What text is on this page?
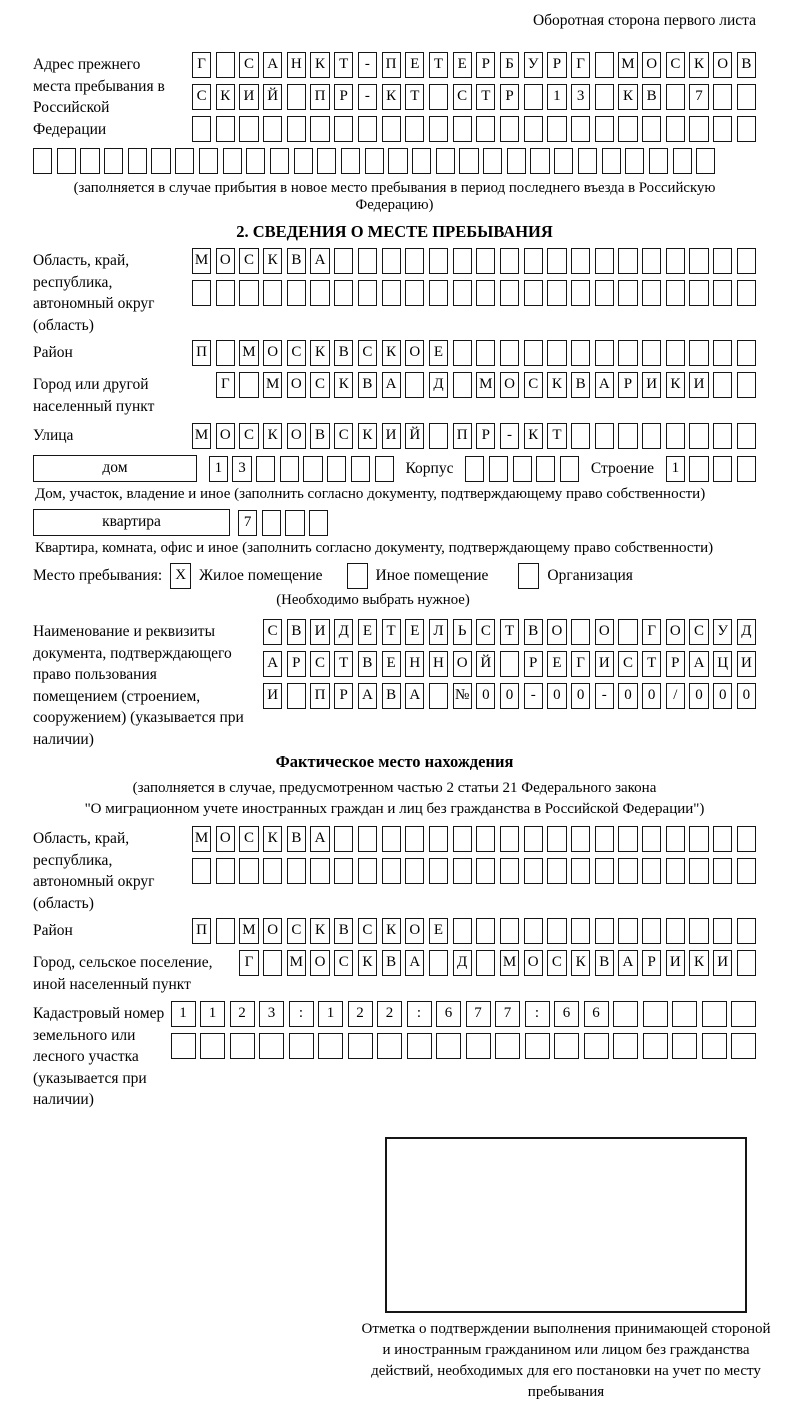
Оборотная сторона первого листа
Адрес прежнего места пребывания в Российской Федерации
Г	С А Н К Т	-	П Е Т Е Р	Б У Р	Г	М О С К О В
С К И Й П Р	-	К Т	С Т Р	1	3	К В	7
(заполняется в случае прибытия в новое место пребывания в период последнего въезда в Российскую Федерацию)
2. СВЕДЕНИЯ О МЕСТЕ ПРЕБЫВАНИЯ
Область, край, республика, автономный округ (область)
М О С К В А
Район	П М О С К В С К О Е
Город или другой населенный пункт
Г	М О С К В А Д М О С К В А Р И К И
Улица	М О С К О В С К И Й П Р	-	К Т
дом	1	3	Корпус	Строение	1
Дом, участок, владение и иное (заполнить согласно документу, подтверждающему право собственности)
квартира	7
Квартира, комната, офис и иное (заполнить согласно документу, подтверждающему право собственности)
Место пребывания: X Жилое помещение	Иное помещение	Организация
(Необходимо выбрать нужное)
Наименование и реквизиты документа, подтверждающего право пользования помещением (строением, сооружением) (указывается при наличии)
С В И Д Е Т Е Л Ь С Т В О О	Г О С У Д
А Р С Т В Е Н Н О Й	Р Е Г И С Т Р А Ц И
И П Р А В А № 0	0	-	0	0	-	0	0	/	0	0	0
Фактическое место нахождения
(заполняется в случае, предусмотренном частью 2 статьи 21 Федерального закона
"О миграционном учете иностранных граждан и лиц без гражданства в Российской Федерации")
Область, край, республика, автономный округ (область)
М О С К В А
Район	П М О С К В С К О Е
Город, сельское поселение, иной населенный пункт
Г	М О С К В А Д М О С К В А Р И К И
Кадастровый номер земельного или лесного участка (указывается при наличии)
1	1	2	3	:	1	2	2	:	6	7	7	:	6	6
Отметка о подтверждении выполнения принимающей стороной и иностранным гражданином или лицом без гражданства действий, необходимых для его постановки на учет по месту пребывания
